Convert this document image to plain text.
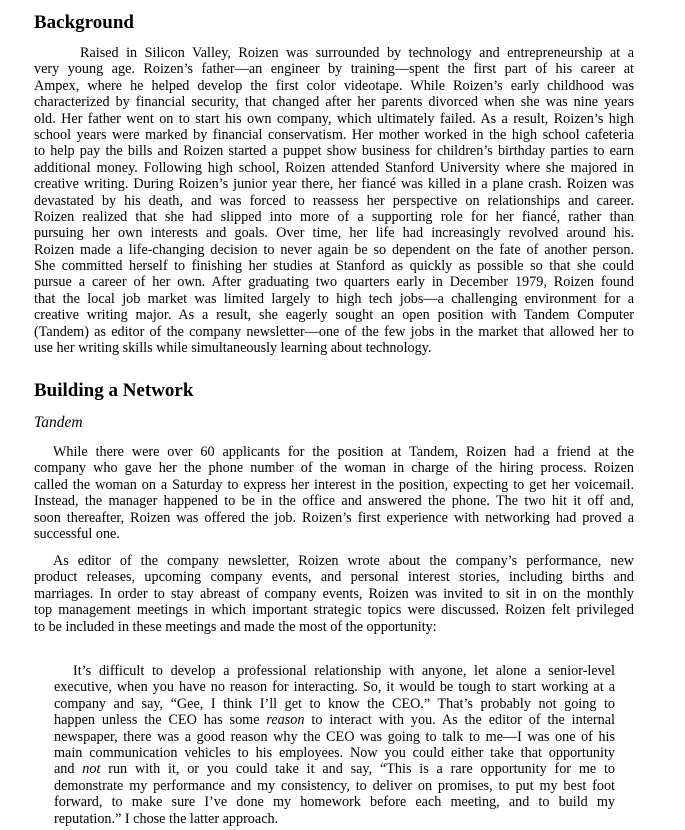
Background

Raised in Silicon Valley, Roizen was surrounded by technology and entrepreneurship at a
very young age. Roizen’s father—an engineer by training—spent the first part of his career at
Ampex, where he helped develop the first color videotape. While Roizen’s early childhood was
characterized by financial security, that changed after her parents divorced when she was nine years
old. Her father went on to start his own company, which ultimately failed. As a result, Roizen’s high
school years were marked by financial conservatism. Her mother worked in the high school cafeteria
to help pay the bills and Roizen started a puppet show business for children’s birthday parties to earn
additional money. Following high school, Roizen attended Stanford University where she majored in
creative writing. During Roizen’s junior year there, her fiancé was killed in a plane crash. Roizen was
devastated by his death, and was forced to reassess her perspective on relationships and career.
Roizen realized that she had slipped into more of a supporting role for her fiancé, rather than
pursuing her own interests and goals. Over time, her life had increasingly revolved around his.
Roizen made a life-changing decision to never again be so dependent on the fate of another person.
She committed herself to finishing her studies at Stanford as quickly as possible so that she could
pursue a career of her own. After graduating two quarters early in December 1979, Roizen found
that the local job market was limited largely to high tech jobs—a challenging environment for a
creative writing major. As a result, she eagerly sought an open position with Tandem Computer
(Tandem) as editor of the company newsletter—one of the few jobs in the market that allowed her to
use her writing skills while simultaneously learning about technology.

Building a Network

Tandem

While there were over 60 applicants for the position at Tandem, Roizen had a friend at the
company who gave her the phone number of the woman in charge of the hiring process. Roizen
called the woman on a Saturday to express her interest in the position, expecting to get her voicemail.
Instead, the manager happened to be in the office and answered the phone. The two hit it off and,
soon thereafter, Roizen was offered the job. Roizen’s first experience with networking had proved a
successful one.

As editor of the company newsletter, Roizen wrote about the company’s performance, new
product releases, upcoming company events, and personal interest stories, including births and
marriages. In order to stay abreast of company events, Roizen was invited to sit in on the monthly
top management meetings in which important strategic topics were discussed. Roizen felt privileged
to be included in these meetings and made the most of the opportunity:

It’s difficult to develop a professional relationship with anyone, let alone a senior-level
executive, when you have no reason for interacting. So, it would be tough to start working at a
company and say, “Gee, I think I’ll get to know the CEO.” That’s probably not going to
happen unless the CEO has some reason to interact with you. As the editor of the internal
newspaper, there was a good reason why the CEO was going to talk to me—I was one of his
main communication vehicles to his employees. Now you could either take that opportunity
and not run with it, or you could take it and say, “This is a rare opportunity for me to
demonstrate my performance and my consistency, to deliver on promises, to put my best foot
forward, to make sure I’ve done my homework before each meeting, and to build my
reputation.” I chose the latter approach.
